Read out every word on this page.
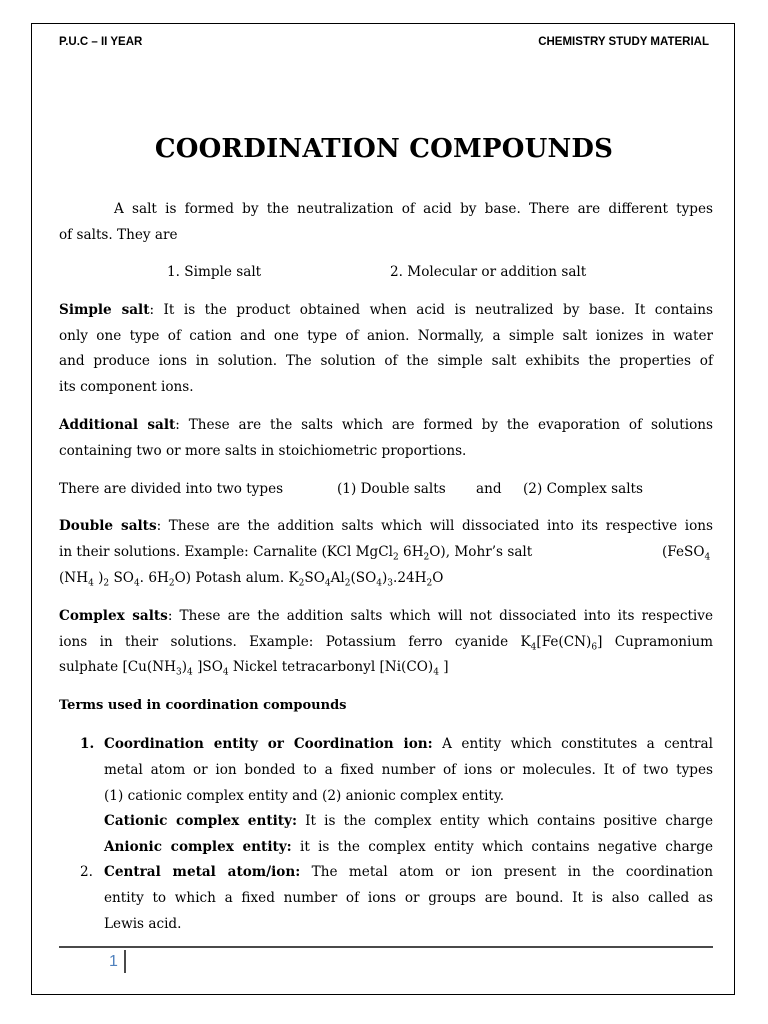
P.U.C – II YEAR	CHEMISTRY STUDY MATERIAL
COORDINATION COMPOUNDS
A salt is formed by the neutralization of acid by base. There are different types
of salts. They are
1. Simple salt	2. Molecular or addition salt
Simple salt: It is the product obtained when acid is neutralized by base. It contains
only one type of cation and one type of anion. Normally, a simple salt ionizes in water
and produce ions in solution. The solution of the simple salt exhibits the properties of
its component ions.
Additional salt: These are the salts which are formed by the evaporation of solutions
containing two or more salts in stoichiometric proportions.
There are divided into two types	(1) Double salts and (2) Complex salts
Double salts: These are the addition salts which will dissociated into its respective ions
in their solutions. Example: Carnalite (KCl MgCl$_2$ $6H_2O$), Mohr’s salt	(FeSO$_4$
($NH_4$ )$_2$ $SO_4$. $6H_2O$) Potash alum. $K_2SO_4Al_2(SO_4)_3.24H_2O$
Complex salts: These are the addition salts which will not dissociated into its respective
ions in their solutions. Example: Potassium ferro cyanide $K_4[Fe(CN)_6]$ Cupramonium
sulphate [$Cu(NH_3)_4$ ]$SO_4$ Nickel tetracarbonyl [$Ni(CO)_4$ ]
Terms used in coordination compounds
1. Coordination entity or Coordination ion: A entity which constitutes a central
metal atom or ion bonded to a fixed number of ions or molecules. It of two types
(1) cationic complex entity and (2) anionic complex entity.
Cationic complex entity: It is the complex entity which contains positive charge
Anionic complex entity: it is the complex entity which contains negative charge
2. Central metal atom/ion: The metal atom or ion present in the coordination
entity to which a fixed number of ions or groups are bound. It is also called as
Lewis acid.
1
